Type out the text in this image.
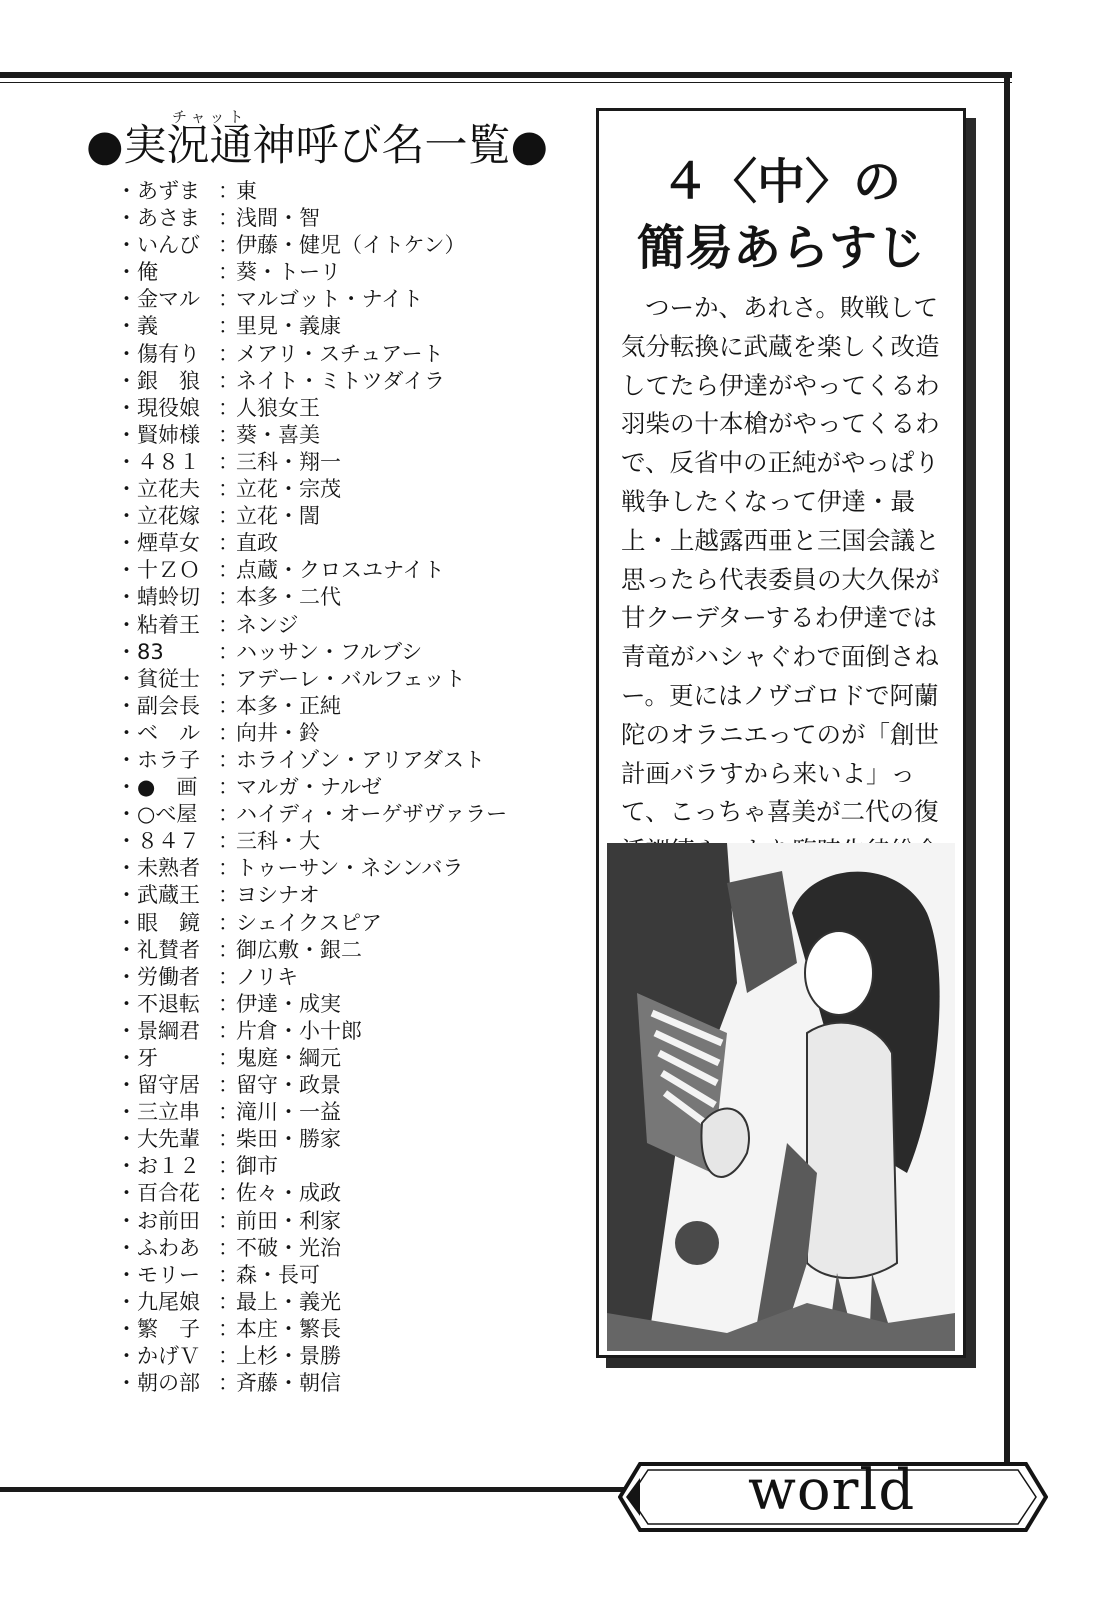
チャット
●実況通神呼び名一覧●
・あずま ：
東
・あさま ：
浅間・智
・いんび ：
伊藤・健児（イトケン）
・俺	：
葵・トーリ
・金マル ：
マルゴット・ナイト
・義	：
里見・義康
・傷有り ：
メアリ・スチュアート
・銀　狼 ：
ネイト・ミトツダイラ
・現役娘 ：
人狼女王
・賢姉様 ：
葵・喜美
・４８１ ：
三科・翔一
・立花夫 ：
立花・宗茂
・立花嫁 ：
立花・誾
・煙草女 ：
直政
・十ＺＯ ：
点蔵・クロスユナイト
・蜻蛉切 ：
本多・二代
・粘着王 ：
ネンジ
・83	：
ハッサン・フルブシ
・貧従士 ：
アデーレ・バルフェット
・副会長 ：
本多・正純
・ベ　ル ：
向井・鈴
・ホラ子 ：
ホライゾン・アリアダスト
・●　画 ：
マルガ・ナルゼ
・○べ屋 ：
ハイディ・オーゲザヴァラー
・８４７ ：
三科・大
・未熟者 ：
トゥーサン・ネシンバラ
・武蔵王 ：
ヨシナオ
・眼　鏡 ：
シェイクスピア
・礼賛者 ：
御広敷・銀二
・労働者 ：
ノリキ
・不退転 ：
伊達・成実
・景綱君 ：
片倉・小十郎
・牙	：
鬼庭・綱元
・留守居 ：
留守・政景
・三立串 ：
滝川・一益
・大先輩 ：
柴田・勝家
・お１２ ：
御市
・百合花 ：
佐々・成政
・お前田 ：
前田・利家
・ふわあ ：
不破・光治
・モリー ：
森・長可
・九尾娘 ：
最上・義光
・繁　子 ：
本庄・繁長
・かげＶ ：
上杉・景勝
・朝の部 ：
斉藤・朝信
４〈中〉の
簡易あらすじ

つーか、あれさ。敗戦して気分転換に武蔵を楽しく改造してたら伊達がやってくるわ羽柴の十本槍がやってくるわで、反省中の正純がやっぱり戦争したくなって伊達・最上・上越露西亜と三国会議と思ったら代表委員の大久保が甘クーデターするわ伊達では青竜がハシャぐわで面倒さねー。更にはノヴゴロドで阿蘭陀のオラニエってのが「創世計画バラすから来いよ」って、こっちゃ喜美が二代の復

world
